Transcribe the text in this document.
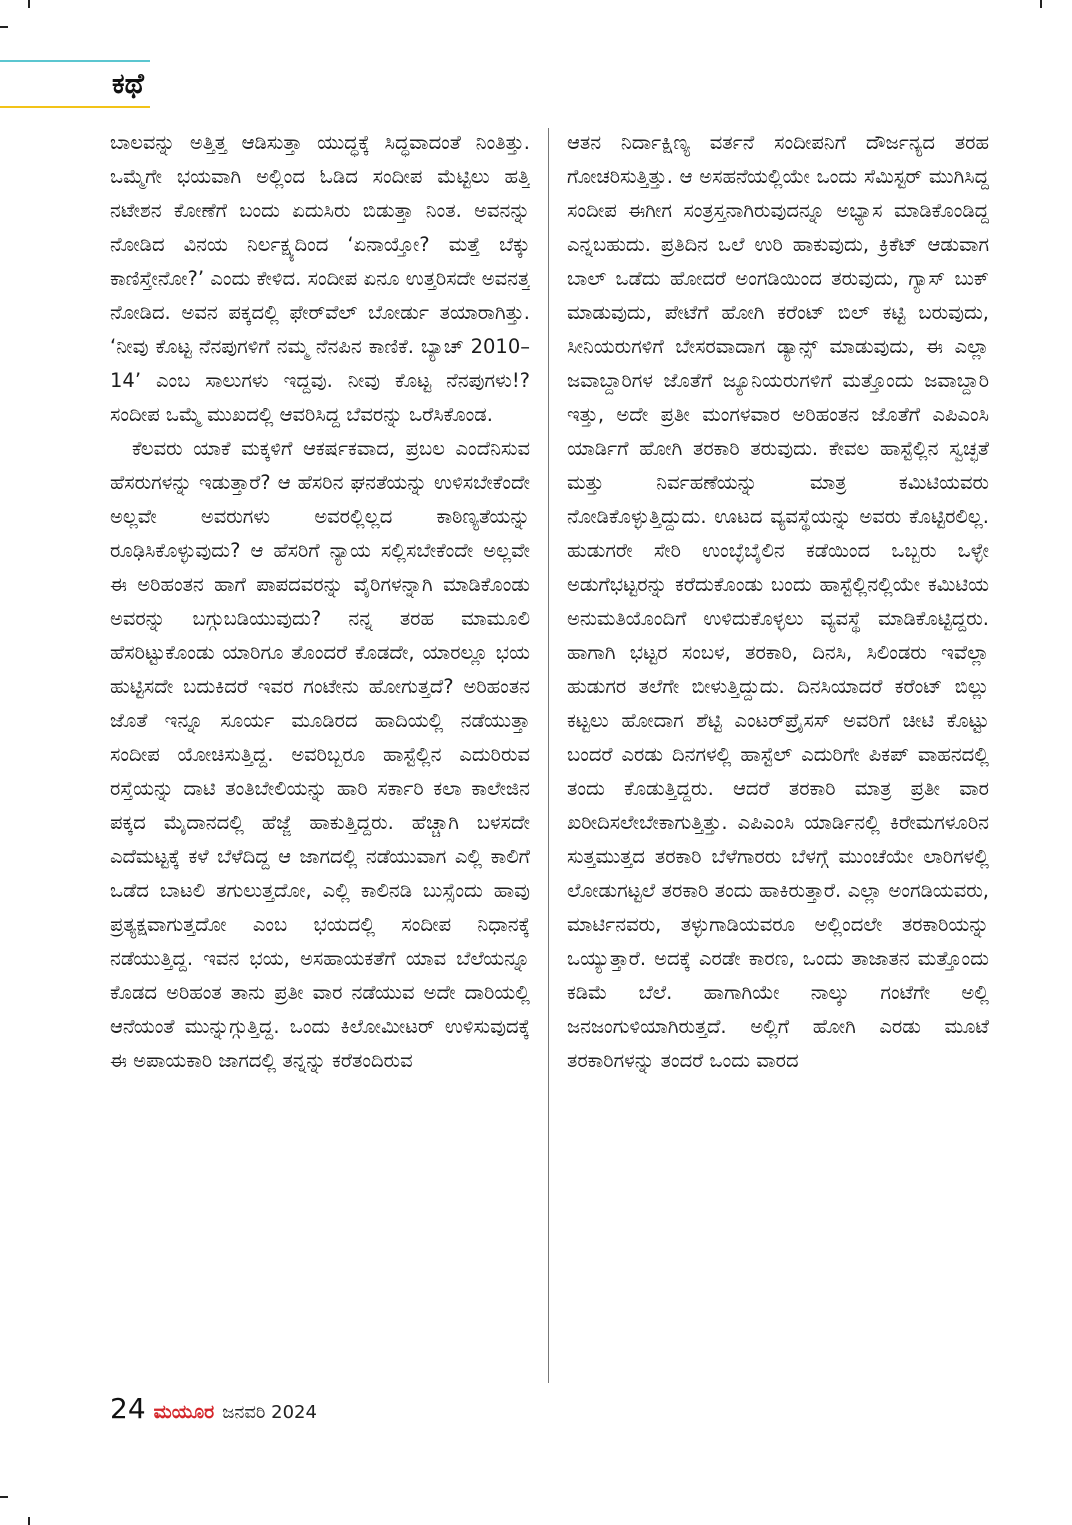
ಕಥೆ

ಬಾಲವನ್ನು ಅತ್ತಿತ್ತ ಆಡಿಸುತ್ತಾ ಯುದ್ಧಕ್ಕೆ ಸಿದ್ಧವಾದಂತೆ ನಿಂತಿತ್ತು. ಒಮ್ಮೆಗೇ ಭಯವಾಗಿ ಅಲ್ಲಿಂದ ಓಡಿದ ಸಂದೀಪ ಮೆಟ್ಟಿಲು ಹತ್ತಿ ನಟೇಶನ ಕೋಣೆಗೆ ಬಂದು ಏದುಸಿರು ಬಿಡುತ್ತಾ ನಿಂತ. ಅವನನ್ನು ನೋಡಿದ ವಿನಯ ನಿರ್ಲಕ್ಷ್ಯದಿಂದ ‘ಏನಾಯ್ತೋ? ಮತ್ತೆ ಬೆಕ್ಕು ಕಾಣಿಸ್ತೇನೋ?’ ಎಂದು ಕೇಳಿದ. ಸಂದೀಪ ಏನೂ ಉತ್ತರಿಸದೇ ಅವನತ್ತ ನೋಡಿದ. ಅವನ ಪಕ್ಕದಲ್ಲಿ ಫೇರ್‌ವೆಲ್ ಬೋರ್ಡು ತಯಾರಾಗಿತ್ತು. ‘ನೀವು ಕೊಟ್ಟ ನೆನಪುಗಳಿಗೆ ನಮ್ಮ ನೆನಪಿನ ಕಾಣಿಕೆ. ಬ್ಯಾಚ್ 2010–14’ ಎಂಬ ಸಾಲುಗಳು ಇದ್ದವು. ನೀವು ಕೊಟ್ಟ ನೆನಪುಗಳು!? ಸಂದೀಪ ಒಮ್ಮೆ ಮುಖದಲ್ಲಿ ಆವರಿಸಿದ್ದ ಬೆವರನ್ನು ಒರೆಸಿಕೊಂಡ.

ಕೆಲವರು ಯಾಕೆ ಮಕ್ಕಳಿಗೆ ಆಕರ್ಷಕವಾದ, ಪ್ರಬಲ ಎಂದೆನಿಸುವ ಹೆಸರುಗಳನ್ನು ಇಡುತ್ತಾರೆ? ಆ ಹೆಸರಿನ ಘನತೆಯನ್ನು ಉಳಿಸಬೇಕೆಂದೇ ಅಲ್ಲವೇ ಅವರುಗಳು ಅವರಲ್ಲಿಲ್ಲದ ಕಾಠಿಣ್ಯತೆಯನ್ನು ರೂಢಿಸಿಕೊಳ್ಳುವುದು? ಆ ಹೆಸರಿಗೆ ನ್ಯಾಯ ಸಲ್ಲಿಸಬೇಕೆಂದೇ ಅಲ್ಲವೇ ಈ ಅರಿಹಂತನ ಹಾಗೆ ಪಾಪದವರನ್ನು ವೈರಿಗಳನ್ನಾಗಿ ಮಾಡಿಕೊಂಡು ಅವರನ್ನು ಬಗ್ಗುಬಡಿಯುವುದು? ನನ್ನ ತರಹ ಮಾಮೂಲಿ ಹೆಸರಿಟ್ಟುಕೊಂಡು ಯಾರಿಗೂ ತೊಂದರೆ ಕೊಡದೇ, ಯಾರಲ್ಲೂ ಭಯ ಹುಟ್ಟಿಸದೇ ಬದುಕಿದರೆ ಇವರ ಗಂಟೇನು ಹೋಗುತ್ತದೆ? ಅರಿಹಂತನ ಜೊತೆ ಇನ್ನೂ ಸೂರ್ಯ ಮೂಡಿರದ ಹಾದಿಯಲ್ಲಿ ನಡೆಯುತ್ತಾ ಸಂದೀಪ ಯೋಚಿಸುತ್ತಿದ್ದ. ಅವರಿಬ್ಬರೂ ಹಾಸ್ಟೆಲ್ಲಿನ ಎದುರಿರುವ ರಸ್ತೆಯನ್ನು ದಾಟಿ ತಂತಿಬೇಲಿಯನ್ನು ಹಾರಿ ಸರ್ಕಾರಿ ಕಲಾ ಕಾಲೇಜಿನ ಪಕ್ಕದ ಮೈದಾನದಲ್ಲಿ ಹೆಜ್ಜೆ ಹಾಕುತ್ತಿದ್ದರು. ಹೆಚ್ಚಾಗಿ ಬಳಸದೇ ಎದೆಮಟ್ಟಕ್ಕೆ ಕಳೆ ಬೆಳೆದಿದ್ದ ಆ ಜಾಗದಲ್ಲಿ ನಡೆಯುವಾಗ ಎಲ್ಲಿ ಕಾಲಿಗೆ ಒಡೆದ ಬಾಟಲಿ ತಗುಲುತ್ತದೋ, ಎಲ್ಲಿ ಕಾಲಿನಡಿ ಬುಸ್ಸೆಂದು ಹಾವು ಪ್ರತ್ಯಕ್ಷವಾಗುತ್ತದೋ ಎಂಬ ಭಯದಲ್ಲಿ ಸಂದೀಪ ನಿಧಾನಕ್ಕೆ ನಡೆಯುತ್ತಿದ್ದ. ಇವನ ಭಯ, ಅಸಹಾಯಕತೆಗೆ ಯಾವ ಬೆಲೆಯನ್ನೂ ಕೊಡದ ಅರಿಹಂತ ತಾನು ಪ್ರತೀ ವಾರ ನಡೆಯುವ ಅದೇ ದಾರಿಯಲ್ಲಿ ಆನೆಯಂತೆ ಮುನ್ನುಗ್ಗುತ್ತಿದ್ದ. ಒಂದು ಕಿಲೋಮೀಟರ್ ಉಳಿಸುವುದಕ್ಕೆ ಈ ಅಪಾಯಕಾರಿ ಜಾಗದಲ್ಲಿ ತನ್ನನ್ನು ಕರೆತಂದಿರುವ

ಆತನ ನಿರ್ದಾಕ್ಷಿಣ್ಯ ವರ್ತನೆ ಸಂದೀಪನಿಗೆ ದೌರ್ಜನ್ಯದ ತರಹ ಗೋಚರಿಸುತ್ತಿತ್ತು. ಆ ಅಸಹನೆಯಲ್ಲಿಯೇ ಒಂದು ಸೆಮಿಸ್ಟರ್ ಮುಗಿಸಿದ್ದ ಸಂದೀಪ ಈಗೀಗ ಸಂತ್ರಸ್ತನಾಗಿರುವುದನ್ನೂ ಅಭ್ಯಾಸ ಮಾಡಿಕೊಂಡಿದ್ದ ಎನ್ನಬಹುದು. ಪ್ರತಿದಿನ ಒಲೆ ಉರಿ ಹಾಕುವುದು, ಕ್ರಿಕೆಟ್ ಆಡುವಾಗ ಬಾಲ್ ಒಡೆದು ಹೋದರೆ ಅಂಗಡಿಯಿಂದ ತರುವುದು, ಗ್ಯಾಸ್ ಬುಕ್ ಮಾಡುವುದು, ಪೇಟೆಗೆ ಹೋಗಿ ಕರೆಂಟ್ ಬಿಲ್ ಕಟ್ಟಿ ಬರುವುದು, ಸೀನಿಯರುಗಳಿಗೆ ಬೇಸರವಾದಾಗ ಡ್ಯಾನ್ಸ್ ಮಾಡುವುದು, ಈ ಎಲ್ಲಾ ಜವಾಬ್ದಾರಿಗಳ ಜೊತೆಗೆ ಜ್ಯೂನಿಯರುಗಳಿಗೆ ಮತ್ತೊಂದು ಜವಾಬ್ದಾರಿ ಇತ್ತು, ಅದೇ ಪ್ರತೀ ಮಂಗಳವಾರ ಅರಿಹಂತನ ಜೊತೆಗೆ ಎಪಿಎಂಸಿ ಯಾರ್ಡಿಗೆ ಹೋಗಿ ತರಕಾರಿ ತರುವುದು. ಕೇವಲ ಹಾಸ್ಟೆಲ್ಲಿನ ಸ್ವಚ್ಛತೆ ಮತ್ತು ನಿರ್ವಹಣೆಯನ್ನು ಮಾತ್ರ ಕಮಿಟಿಯವರು ನೋಡಿಕೊಳ್ಳುತ್ತಿದ್ದುದು. ಊಟದ ವ್ಯವಸ್ಥೆಯನ್ನು ಅವರು ಕೊಟ್ಟಿರಲಿಲ್ಲ. ಹುಡುಗರೇ ಸೇರಿ ಉಂಬ್ಳೆಬೈಲಿನ ಕಡೆಯಿಂದ ಒಬ್ಬರು ಒಳ್ಳೇ ಅಡುಗೆಭಟ್ಟರನ್ನು ಕರೆದುಕೊಂಡು ಬಂದು ಹಾಸ್ಟೆಲ್ಲಿನಲ್ಲಿಯೇ ಕಮಿಟಿಯ ಅನುಮತಿಯೊಂದಿಗೆ ಉಳಿದುಕೊಳ್ಳಲು ವ್ಯವಸ್ಥೆ ಮಾಡಿಕೊಟ್ಟಿದ್ದರು. ಹಾಗಾಗಿ ಭಟ್ಟರ ಸಂಬಳ, ತರಕಾರಿ, ದಿನಸಿ, ಸಿಲಿಂಡರು ಇವೆಲ್ಲಾ ಹುಡುಗರ ತಲೆಗೇ ಬೀಳುತ್ತಿದ್ದುದು. ದಿನಸಿಯಾದರೆ ಕರೆಂಟ್ ಬಿಲ್ಲು ಕಟ್ಟಲು ಹೋದಾಗ ಶೆಟ್ಟಿ ಎಂಟರ್‌ಪ್ರೈಸಸ್ ಅವರಿಗೆ ಚೀಟಿ ಕೊಟ್ಟು ಬಂದರೆ ಎರಡು ದಿನಗಳಲ್ಲಿ ಹಾಸ್ಟೆಲ್ ಎದುರಿಗೇ ಪಿಕಪ್ ವಾಹನದಲ್ಲಿ ತಂದು ಕೊಡುತ್ತಿದ್ದರು. ಆದರೆ ತರಕಾರಿ ಮಾತ್ರ ಪ್ರತೀ ವಾರ ಖರೀದಿಸಲೇಬೇಕಾಗುತ್ತಿತ್ತು. ಎಪಿಎಂಸಿ ಯಾರ್ಡಿನಲ್ಲಿ ಕಿರೇಮಗಳೂರಿನ ಸುತ್ತಮುತ್ತದ ತರಕಾರಿ ಬೆಳೆಗಾರರು ಬೆಳಗ್ಗೆ ಮುಂಚೆಯೇ ಲಾರಿಗಳಲ್ಲಿ ಲೋಡುಗಟ್ಟಲೆ ತರಕಾರಿ ತಂದು ಹಾಕಿರುತ್ತಾರೆ. ಎಲ್ಲಾ ಅಂಗಡಿಯವರು, ಮಾರ್ಟಿನವರು, ತಳ್ಳುಗಾಡಿಯವರೂ ಅಲ್ಲಿಂದಲೇ ತರಕಾರಿಯನ್ನು ಒಯ್ಯುತ್ತಾರೆ. ಅದಕ್ಕೆ ಎರಡೇ ಕಾರಣ, ಒಂದು ತಾಜಾತನ ಮತ್ತೊಂದು ಕಡಿಮೆ ಬೆಲೆ. ಹಾಗಾಗಿಯೇ ನಾಲ್ಕು ಗಂಟೆಗೇ ಅಲ್ಲಿ ಜನಜಂಗುಳಿಯಾಗಿರುತ್ತದೆ. ಅಲ್ಲಿಗೆ ಹೋಗಿ ಎರಡು ಮೂಟೆ ತರಕಾರಿಗಳನ್ನು ತಂದರೆ ಒಂದು ವಾರದ

24 ಮಯೂರ ಜನವರಿ 2024
